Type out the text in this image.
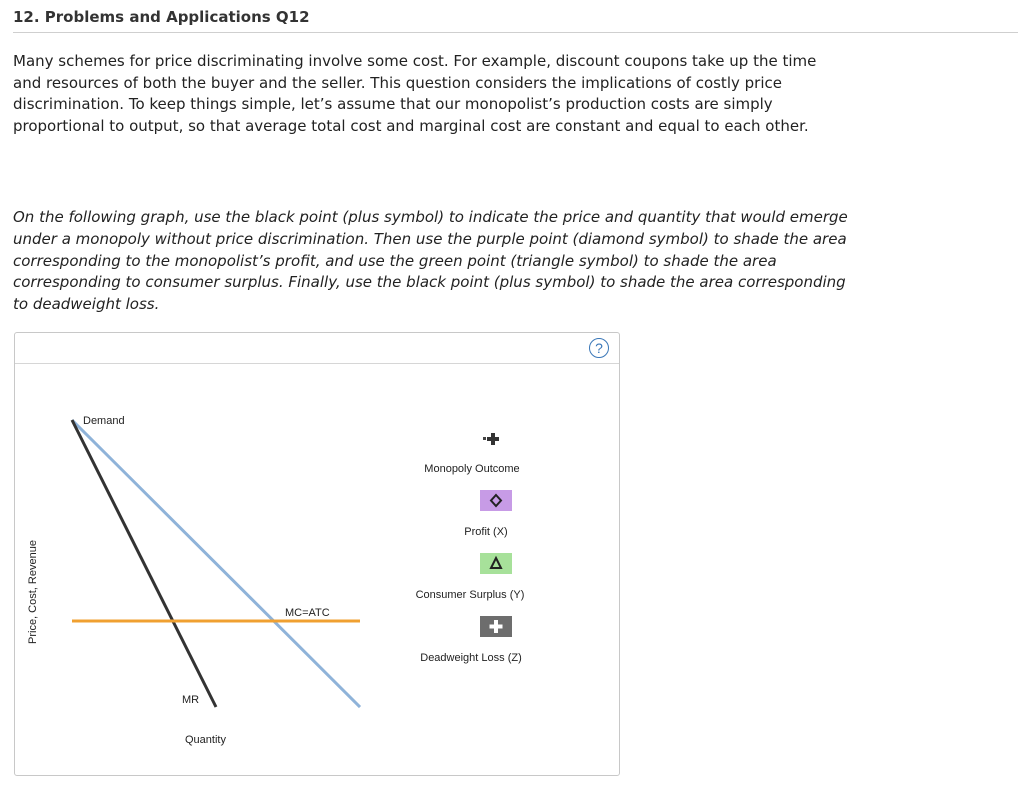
12. Problems and Applications Q12

Many schemes for price discriminating involve some cost. For example, discount coupons take up the time and resources of both the buyer and the seller. This question considers the implications of costly price discrimination. To keep things simple, let’s assume that our monopolist’s production costs are simply proportional to output, so that average total cost and marginal cost are constant and equal to each other.

On the following graph, use the black point (plus symbol) to indicate the price and quantity that would emerge under a monopoly without price discrimination. Then use the purple point (diamond symbol) to shade the area corresponding to the monopolist’s profit, and use the green point (triangle symbol) to shade the area corresponding to consumer surplus. Finally, use the black point (plus symbol) to shade the area corresponding to deadweight loss.

?
Demand
MC=ATC
MR
Quantity
Price, Cost, Revenue
Monopoly Outcome
Profit (X)
Consumer Surplus (Y)
Deadweight Loss (Z)
